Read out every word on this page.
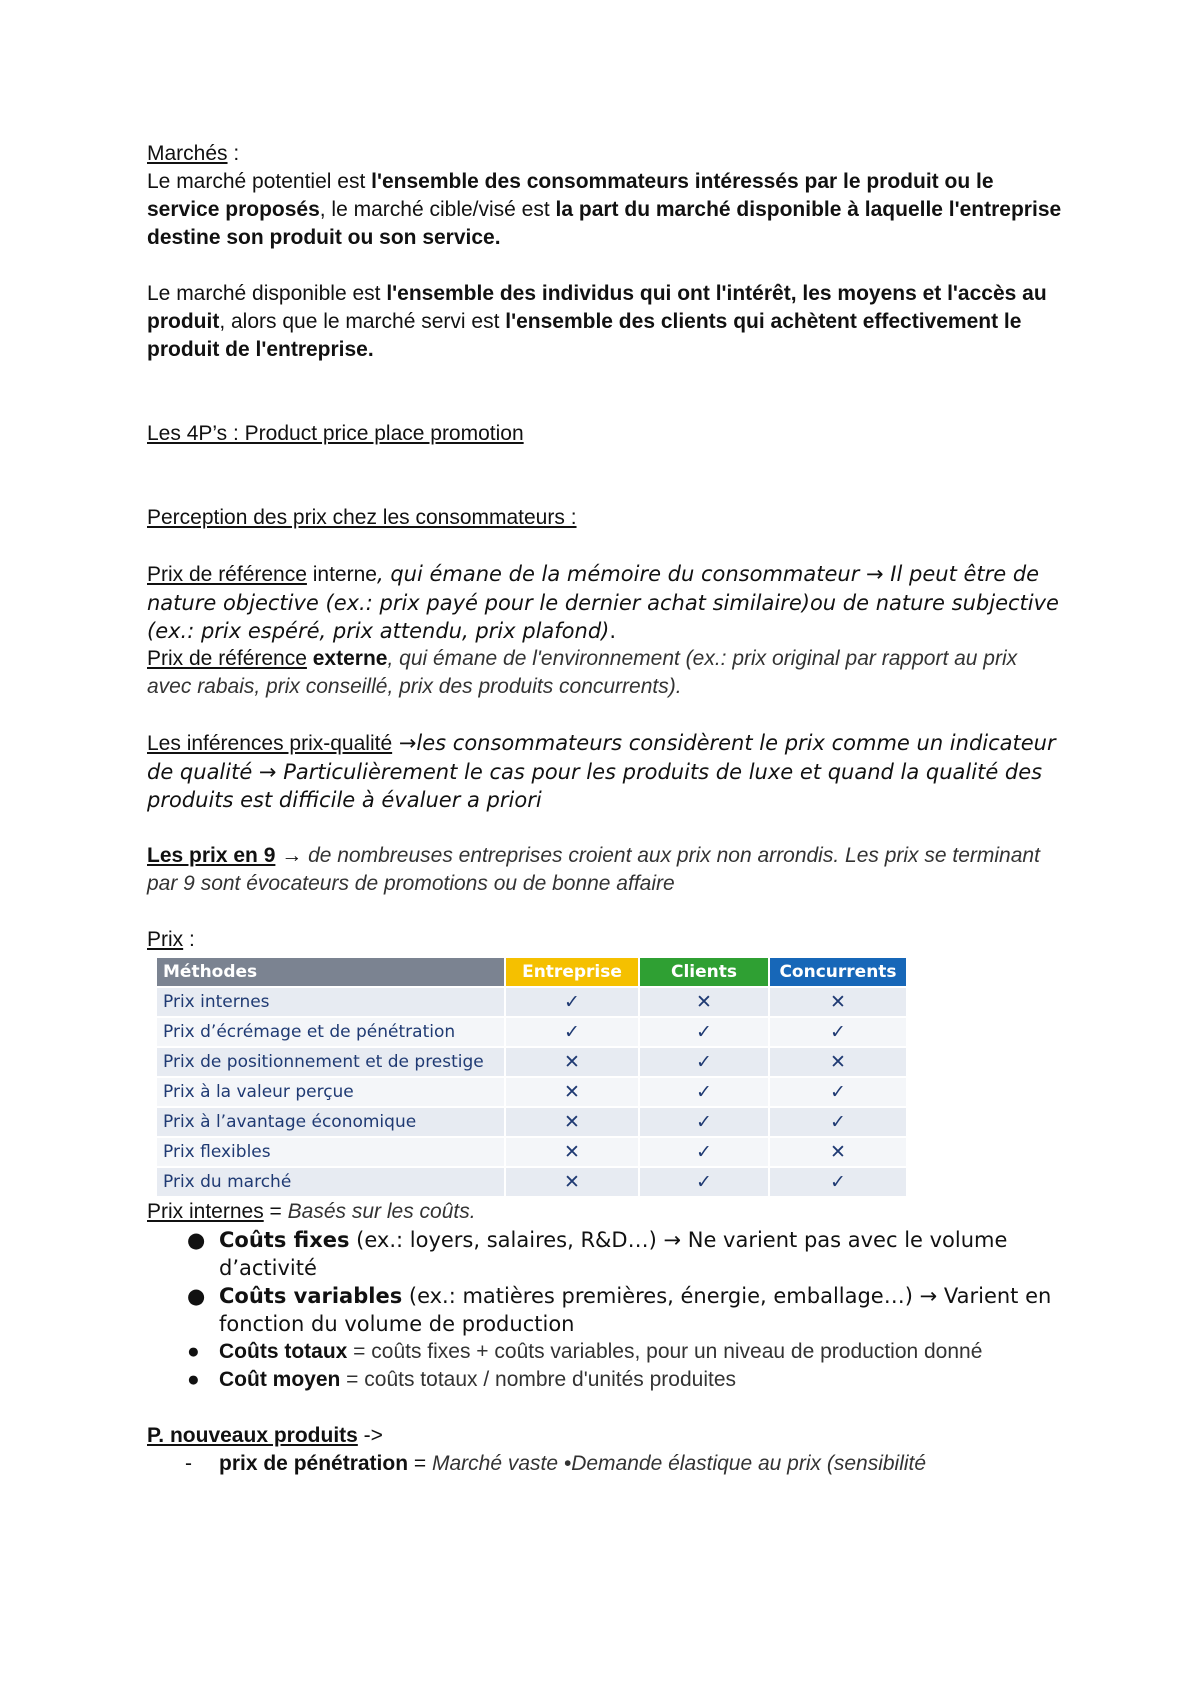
Marchés :

Le marché potentiel est l'ensemble des consommateurs intéressés par le produit ou le service proposés, le marché cible/visé est la part du marché disponible à laquelle l'entreprise destine son produit ou son service.

Le marché disponible est l'ensemble des individus qui ont l'intérêt, les moyens et l'accès au produit, alors que le marché servi est l'ensemble des clients qui achètent effectivement le produit de l'entreprise.

Les 4P’s : Product price place promotion

Perception des prix chez les consommateurs :

Prix de référence interne, qui émane de la mémoire du consommateur → Il peut être de nature objective (ex.: prix payé pour le dernier achat similaire)ou de nature subjective (ex.: prix espéré, prix attendu, prix plafond).

Prix de référence externe, qui émane de l'environnement (ex.: prix original par rapport au prix avec rabais, prix conseillé, prix des produits concurrents).

Les inférences prix-qualité →les consommateurs considèrent le prix comme un indicateur de qualité → Particulièrement le cas pour les produits de luxe et quand la qualité des produits est difficile à évaluer a priori

Les prix en 9 → de nombreuses entreprises croient aux prix non arrondis. Les prix se terminant par 9 sont évocateurs de promotions ou de bonne affaire

Prix :

Méthodes	Entreprise	Clients	Concurrents
Prix internes	✓	✕	✕
Prix d’écrémage et de pénétration	✓	✓	✓
Prix de positionnement et de prestige	✕	✓	✕
Prix à la valeur perçue	✕	✓	✓
Prix à l’avantage économique	✕	✓	✓
Prix flexibles	✕	✓	✕
Prix du marché	✕	✓	✓

Prix internes = Basés sur les coûts.

● Coûts fixes (ex.: loyers, salaires, R&D…) → Ne varient pas avec le volume d’activité
● Coûts variables (ex.: matières premières, énergie, emballage…) → Varient en fonction du volume de production
● Coûts totaux = coûts fixes + coûts variables, pour un niveau de production donné
● Coût moyen = coûts totaux / nombre d'unités produites

P. nouveaux produits ->

- prix de pénétration = Marché vaste •Demande élastique au prix (sensibilité
